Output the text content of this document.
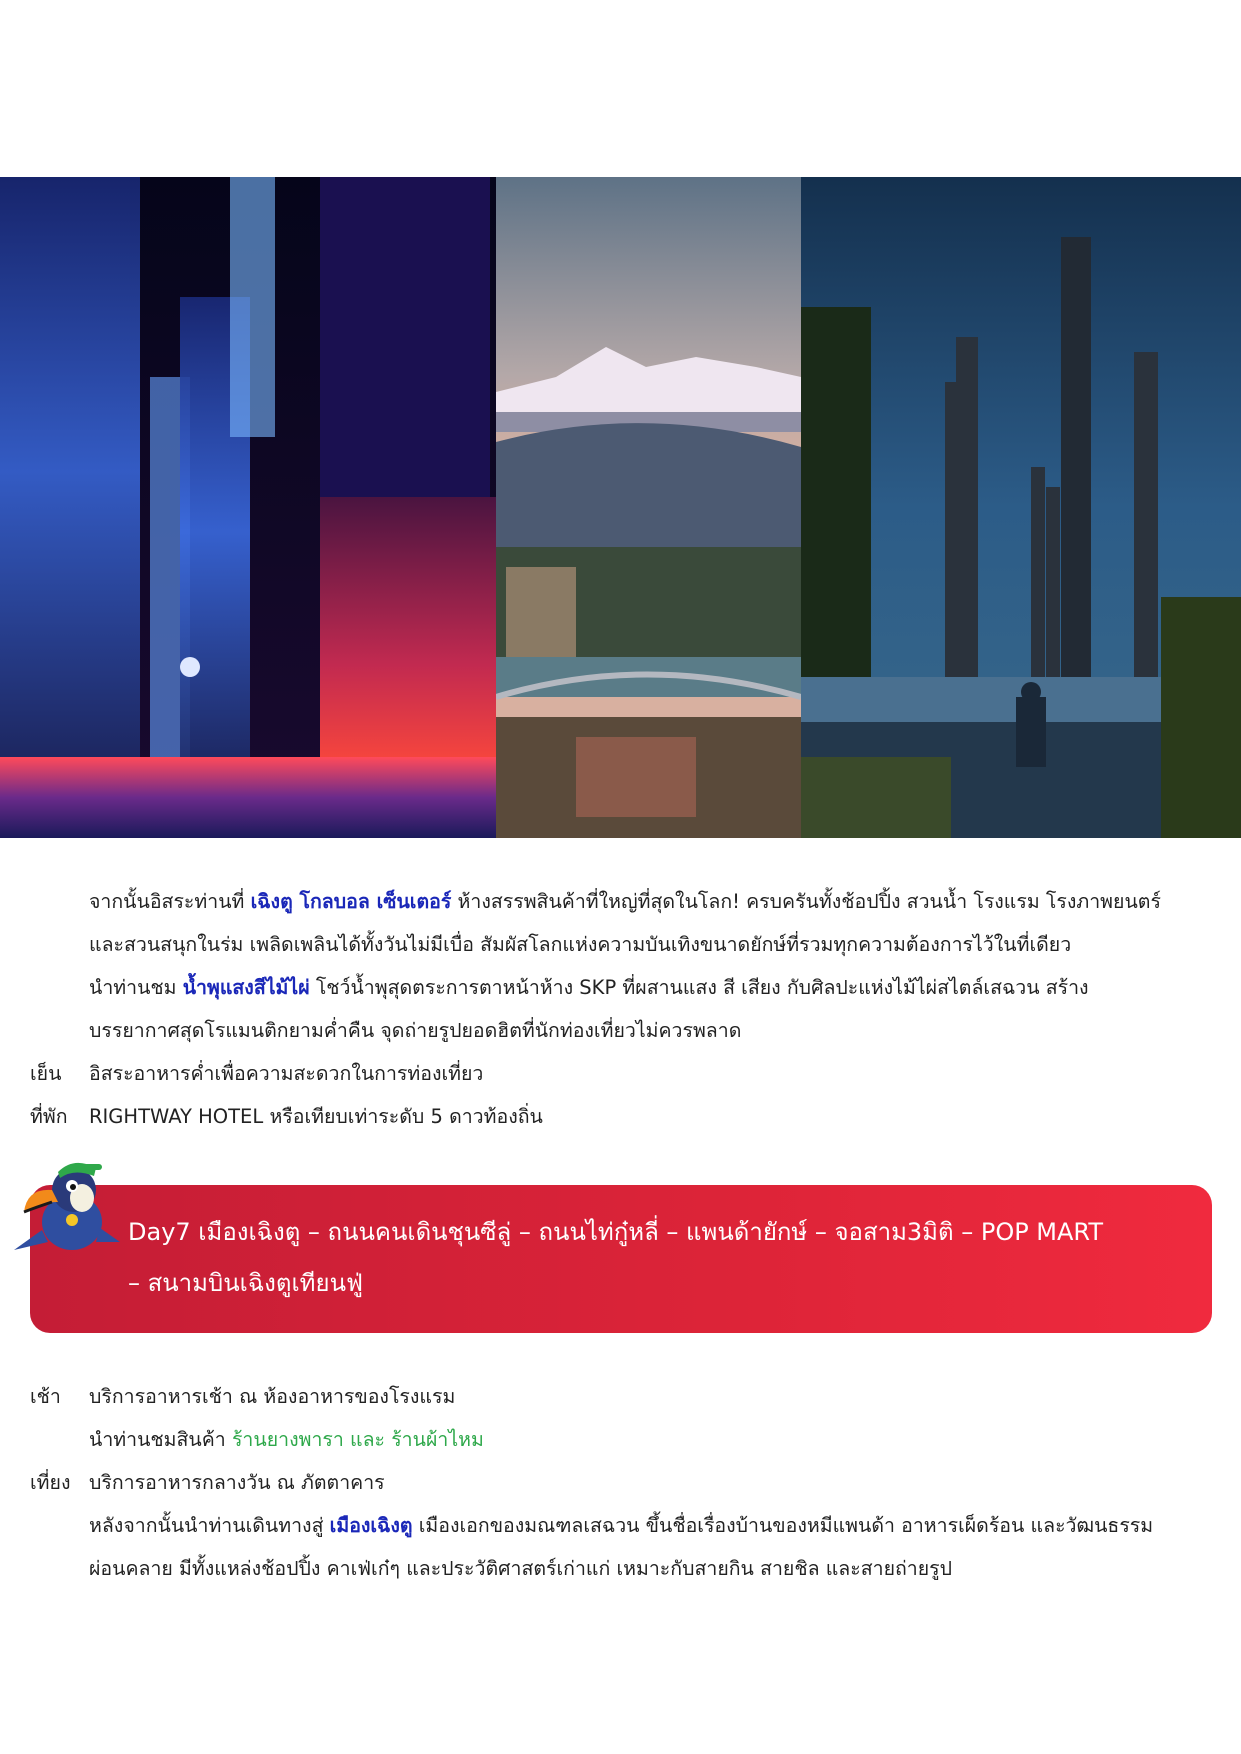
จากนั้นอิสระท่านที่ เฉิงตู โกลบอล เซ็นเตอร์ ห้างสรรพสินค้าที่ใหญ่ที่สุดในโลก! ครบครันทั้งช้อปปิ้ง สวนน้ำ โรงแรม โรงภาพยนตร์
และสวนสนุกในร่ม เพลิดเพลินได้ทั้งวันไม่มีเบื่อ สัมผัสโลกแห่งความบันเทิงขนาดยักษ์ที่รวมทุกความต้องการไว้ในที่เดียว
นำท่านชม น้ำพุแสงสีไม้ไผ่ โชว์น้ำพุสุดตระการตาหน้าห้าง SKP ที่ผสานแสง สี เสียง กับศิลปะแห่งไม้ไผ่สไตล์เสฉวน สร้าง
บรรยากาศสุดโรแมนติกยามค่ำคืน จุดถ่ายรูปยอดฮิตที่นักท่องเที่ยวไม่ควรพลาด
เย็น อิสระอาหารค่ำเพื่อความสะดวกในการท่องเที่ยว
ที่พัก RIGHTWAY HOTEL หรือเทียบเท่าระดับ 5 ดาวท้องถิ่น
Day7 เมืองเฉิงตู – ถนนคนเดินชุนซีลู่ – ถนนไท่กู๋หลี่ – แพนด้ายักษ์ – จอสาม3มิติ – POP MART
– สนามบินเฉิงตูเทียนฟู่
เช้า บริการอาหารเช้า ณ ห้องอาหารของโรงแรม
นำท่านชมสินค้า ร้านยางพารา และ ร้านผ้าไหม
เที่ยง บริการอาหารกลางวัน ณ ภัตตาคาร
หลังจากนั้นนำท่านเดินทางสู่ เมืองเฉิงตู เมืองเอกของมณฑลเสฉวน ขึ้นชื่อเรื่องบ้านของหมีแพนด้า อาหารเผ็ดร้อน และวัฒนธรรม
ผ่อนคลาย มีทั้งแหล่งช้อปปิ้ง คาเฟ่เก๋ๆ และประวัติศาสตร์เก่าแก่ เหมาะกับสายกิน สายชิล และสายถ่ายรูป
